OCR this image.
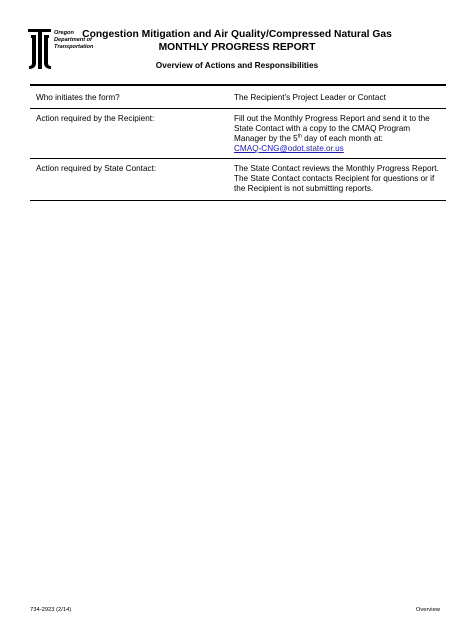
Oregon
Department of
Transportation
Congestion Mitigation and Air Quality/Compressed Natural Gas
MONTHLY PROGRESS REPORT
Overview of Actions and Responsibilities
Who initiates the form?	The Recipient’s Project Leader or Contact
Action required by the Recipient:	Fill out the Monthly Progress Report and send it to the State Contact with a copy to the CMAQ Program Manager by the 5th day of each month at:
CMAQ-CNG@odot.state.or.us
Action required by State Contact:	The State Contact reviews the Monthly Progress Report. The State Contact contacts Recipient for questions or if the Recipient is not submitting reports.
734-2923 (2/14)	Overview
